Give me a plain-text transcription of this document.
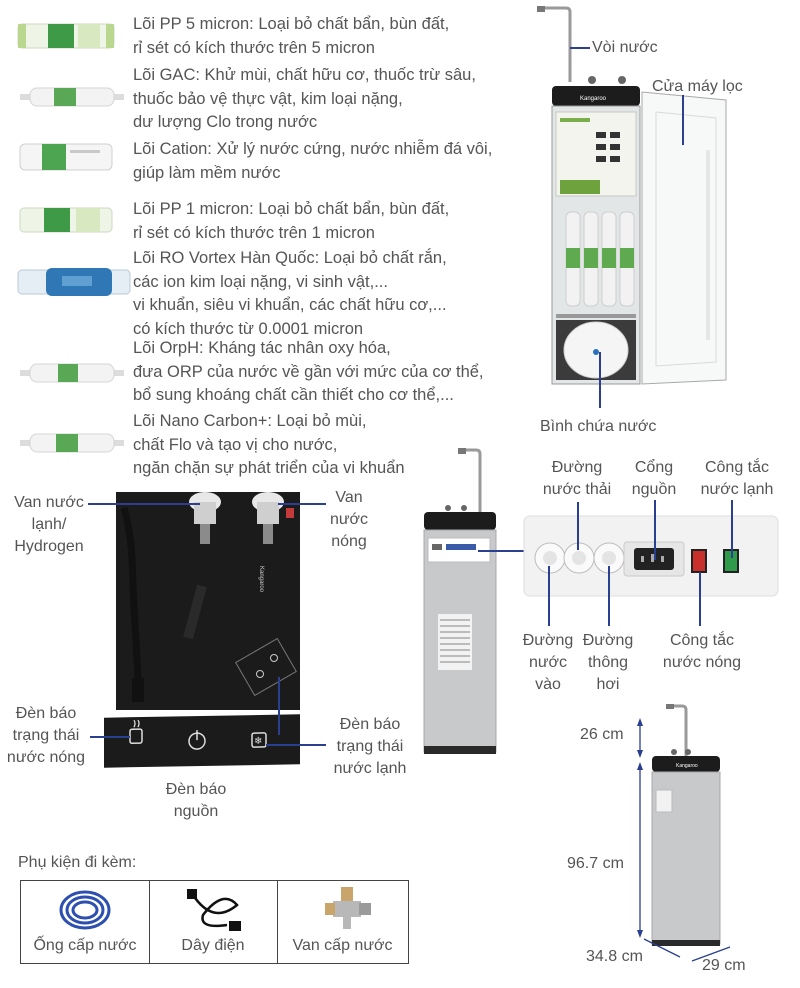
Lõi PP 5 micron: Loại bỏ chất bẩn, bùn đất,
rỉ sét có kích thước trên 5 micron
Lõi GAC: Khử mùi, chất hữu cơ, thuốc trừ sâu,
thuốc bảo vệ thực vật, kim loại nặng,
dư lượng Clo trong nước
Lõi Cation: Xử lý nước cứng, nước nhiễm đá vôi,
giúp làm mềm nước
Lõi PP 1 micron: Loại bỏ chất bẩn, bùn đất,
rỉ sét có kích thước trên 1 micron
Lõi RO Vortex Hàn Quốc: Loại bỏ chất rắn,
các ion kim loại nặng, vi sinh vật,...
vi khuẩn, siêu vi khuẩn, các chất hữu cơ,...
có kích thước từ 0.0001 micron
Lõi OrpH: Kháng tác nhân oxy hóa,
đưa ORP của nước về gần với mức của cơ thể,
bổ sung khoáng chất cần thiết cho cơ thể,...
Lõi Nano Carbon+: Loại bỏ mùi,
chất Flo và tạo vị cho nước,
ngăn chặn sự phát triển của vi khuẩn
Kangaroo
Vòi nước
Cửa máy lọc
Bình chứa nước
Kangaroo
Van nước
lạnh/
Hydrogen
Van
nước
nóng
❄
Đèn báo
trạng thái
nước nóng
Đèn báo
nguồn
Đèn báo
trạng thái
nước lạnh
Đường
nước thải
Cổng
nguồn
Công tắc
nước lạnh
Đường
nước
vào
Đường
thông
hơi
Công tắc
nước nóng
Kangaroo
26 cm
96.7 cm
34.8 cm
29 cm
Phụ kiện đi kèm:
Ống cấp nước	Dây điện	Van cấp nước
